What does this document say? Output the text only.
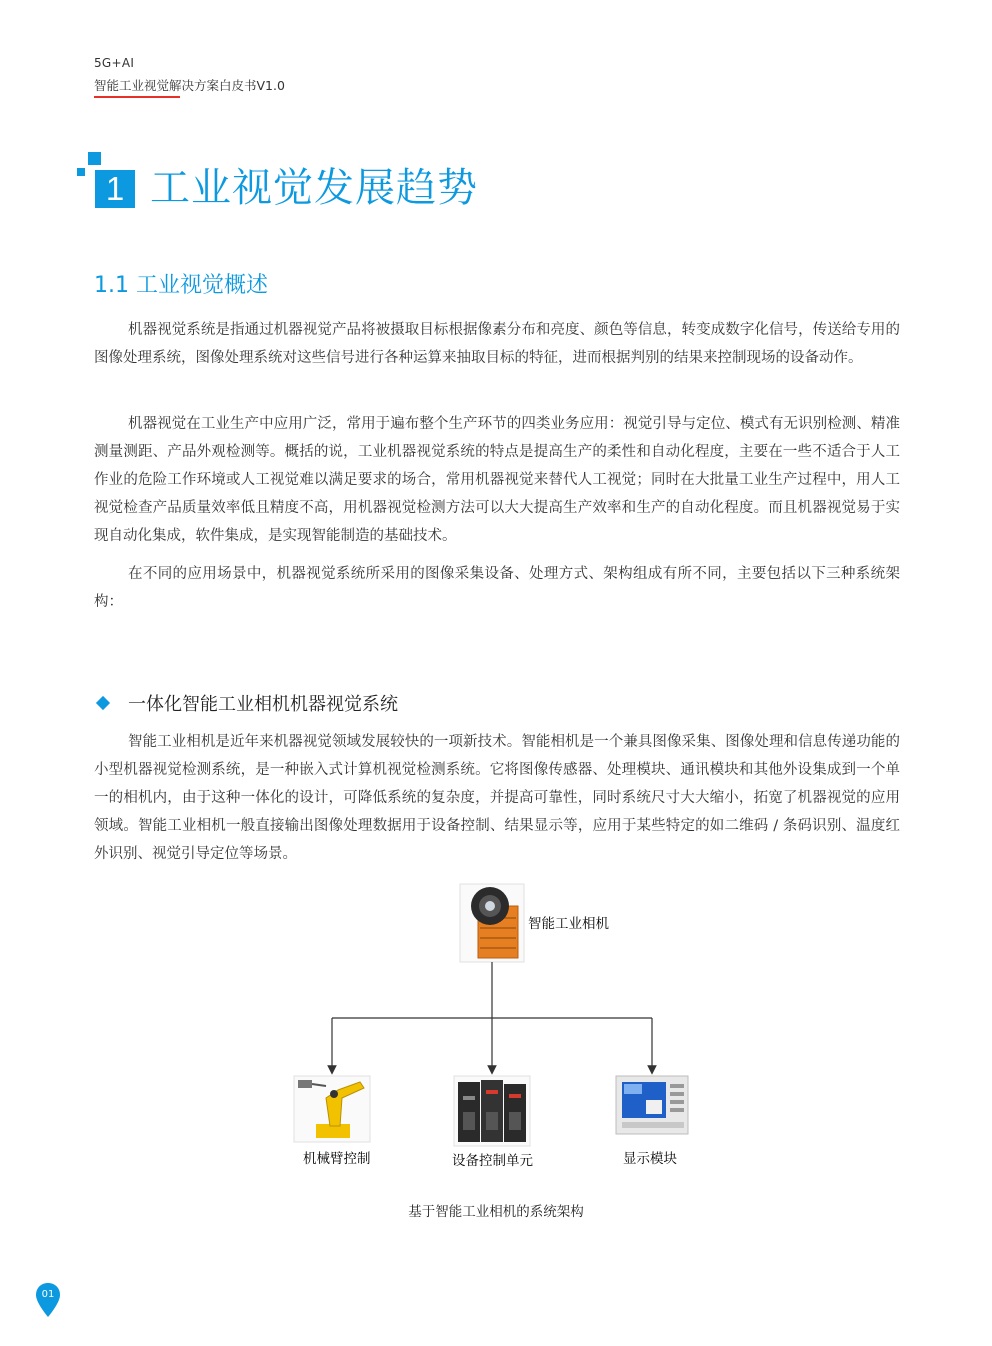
5G+AI
智能工业视觉解决方案白皮书V1.0
1 工业视觉发展趋势
1.1 工业视觉概述

机器视觉系统是指通过机器视觉产品将被摄取目标根据像素分布和亮度、颜色等信息，转变成数字化信号，传送给专用的图像处理系统，图像处理系统对这些信号进行各种运算来抽取目标的特征，进而根据判别的结果来控制现场的设备动作。

机器视觉在工业生产中应用广泛，常用于遍布整个生产环节的四类业务应用：视觉引导与定位、模式有无识别检测、精准测量测距、产品外观检测等。概括的说，工业机器视觉系统的特点是提高生产的柔性和自动化程度，主要在一些不适合于人工作业的危险工作环境或人工视觉难以满足要求的场合，常用机器视觉来替代人工视觉；同时在大批量工业生产过程中，用人工视觉检查产品质量效率低且精度不高，用机器视觉检测方法可以大大提高生产效率和生产的自动化程度。而且机器视觉易于实现自动化集成，软件集成，是实现智能制造的基础技术。

在不同的应用场景中，机器视觉系统所采用的图像采集设备、处理方式、架构组成有所不同，主要包括以下三种系统架构：

一体化智能工业相机机器视觉系统

智能工业相机是近年来机器视觉领域发展较快的一项新技术。智能相机是一个兼具图像采集、图像处理和信息传递功能的小型机器视觉检测系统，是一种嵌入式计算机视觉检测系统。它将图像传感器、处理模块、通讯模块和其他外设集成到一个单一的相机内，由于这种一体化的设计，可降低系统的复杂度，并提高可靠性，同时系统尺寸大大缩小，拓宽了机器视觉的应用领域。智能工业相机一般直接输出图像处理数据用于设备控制、结果显示等，应用于某些特定的如二维码 / 条码识别、温度红外识别、视觉引导定位等场景。

智能工业相机
机械臂控制	设备控制单元	显示模块
基于智能工业相机的系统架构
01
